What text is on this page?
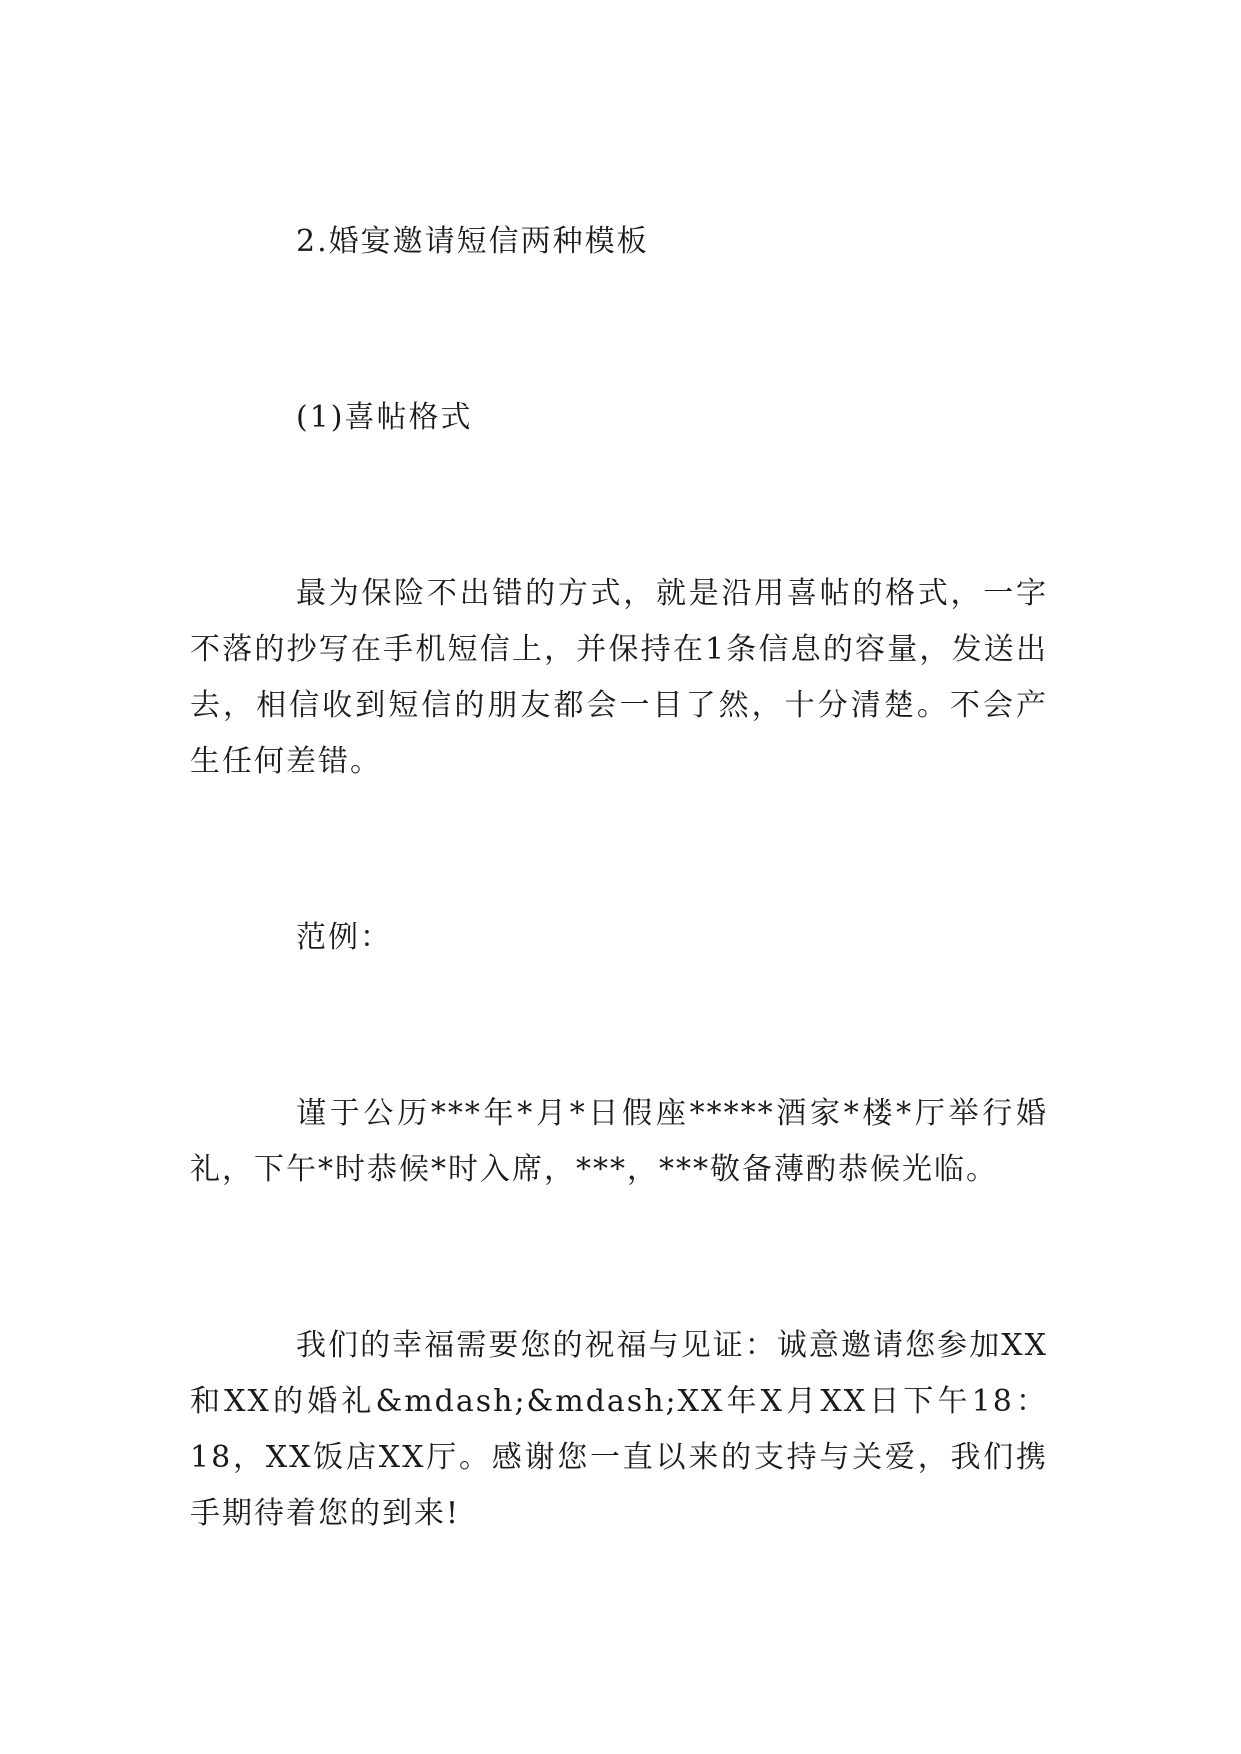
2.婚宴邀请短信两种模板

(1)喜帖格式

最为保险不出错的方式，就是沿用喜帖的格式，一字不落的抄写在手机短信上，并保持在1条信息的容量，发送出去，相信收到短信的朋友都会一目了然，十分清楚。不会产生任何差错。

范例：

谨于公历***年*月*日假座*****酒家*楼*厅举行婚礼，下午*时恭候*时入席，***，***敬备薄酌恭候光临。

我们的幸福需要您的祝福与见证：诚意邀请您参加XX和XX的婚礼&mdash;&mdash;XX年X月XX日下午18：18，XX饭店XX厅。感谢您一直以来的支持与关爱，我们携手期待着您的到来!
